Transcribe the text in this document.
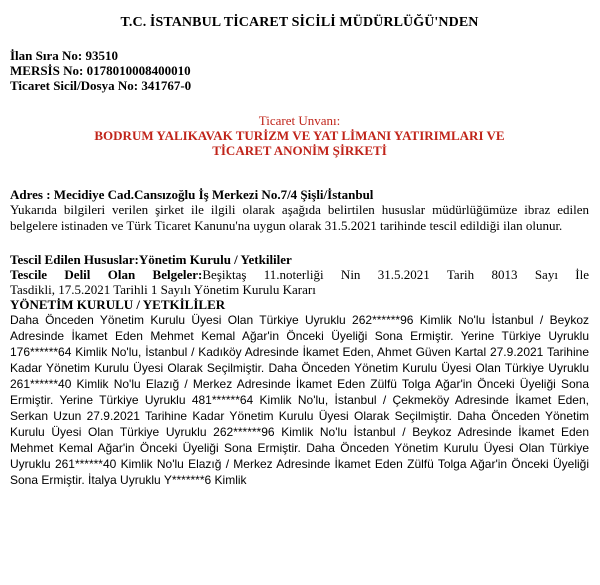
T.C. İSTANBUL TİCARET SİCİLİ MÜDÜRLÜĞÜ'NDEN
İlan Sıra No: 93510
MERSİS No: 0178010008400010
Ticaret Sicil/Dosya No: 341767-0
Ticaret Unvanı:
BODRUM YALIKAVAK TURİZM VE YAT LİMANI YATIRIMLARI VE
TİCARET ANONİM ŞİRKETİ
Adres : Mecidiye Cad.Cansızoğlu İş Merkezi No.7/4 Şişli/İstanbul
Yukarıda bilgileri verilen şirket ile ilgili olarak aşağıda belirtilen hususlar müdürlüğümüze ibraz edilen belgelere istinaden ve Türk Ticaret Kanunu'na uygun olarak 31.5.2021 tarihinde tescil edildiği ilan olunur.
Tescil Edilen Hususlar:Yönetim Kurulu / Yetkililer
Tescile Delil Olan Belgeler:Beşiktaş 11.noterliği Nin 31.5.2021 Tarih 8013 Sayı İle
Tasdikli, 17.5.2021 Tarihli 1 Sayılı Yönetim Kurulu Kararı
YÖNETİM KURULU / YETKİLİLER
Daha Önceden Yönetim Kurulu Üyesi Olan Türkiye Uyruklu 262******96 Kimlik No'lu İstanbul / Beykoz Adresinde İkamet Eden Mehmet Kemal Ağar'in Önceki Üyeliği Sona Ermiştir. Yerine Türkiye Uyruklu 176******64 Kimlik No'lu, İstanbul / Kadıköy Adresinde İkamet Eden, Ahmet Güven Kartal 27.9.2021 Tarihine Kadar Yönetim Kurulu Üyesi Olarak Seçilmiştir. Daha Önceden Yönetim Kurulu Üyesi Olan Türkiye Uyruklu 261******40 Kimlik No'lu Elazığ / Merkez Adresinde İkamet Eden Zülfü Tolga Ağar'in Önceki Üyeliği Sona Ermiştir. Yerine Türkiye Uyruklu 481******64 Kimlik No'lu, İstanbul / Çekmeköy Adresinde İkamet Eden, Serkan Uzun 27.9.2021 Tarihine Kadar Yönetim Kurulu Üyesi Olarak Seçilmiştir. Daha Önceden Yönetim Kurulu Üyesi Olan Türkiye Uyruklu 262******96 Kimlik No'lu İstanbul / Beykoz Adresinde İkamet Eden Mehmet Kemal Ağar'in Önceki Üyeliği Sona Ermiştir. Daha Önceden Yönetim Kurulu Üyesi Olan Türkiye Uyruklu 261******40 Kimlik No'lu Elazığ / Merkez Adresinde İkamet Eden Zülfü Tolga Ağar'in Önceki Üyeliği Sona Ermiştir. İtalya Uyruklu Y*******6 Kimlik
